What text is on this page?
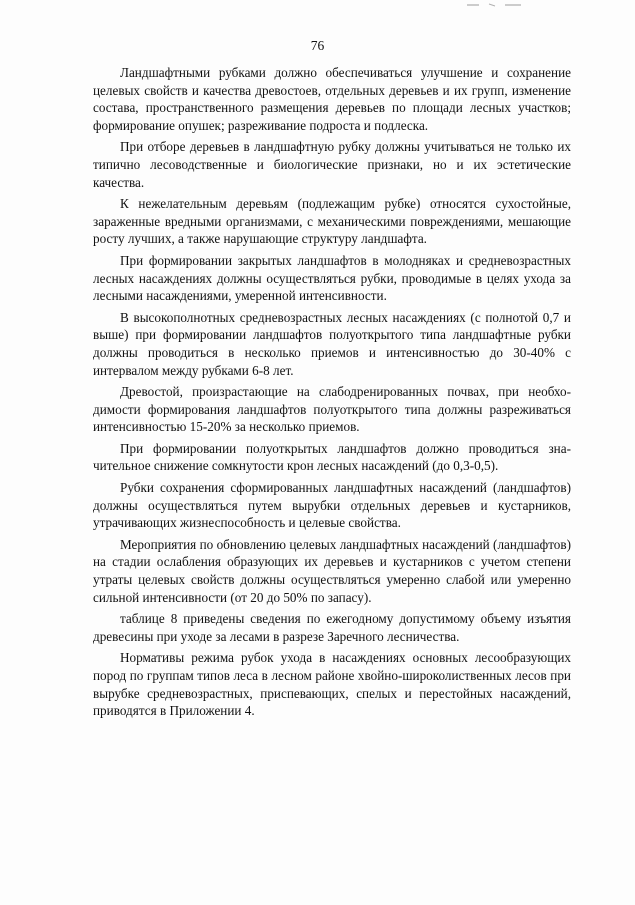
76

Ландшафтными рубками должно обеспечиваться улучшение и сохранение целевых свойств и качества древостоев, отдельных деревьев и их групп, изменение состава, пространственного размещения деревьев по площади лесных участков; формирование опушек; разреживание подроста и подлеска.

При отборе деревьев в ландшафтную рубку должны учитываться не только их типично лесоводственные и биологические признаки, но и их эстетические качества.

К нежелательным деревьям (подлежащим рубке) относятся сухостойные, зараженные вредными организмами, с механическими повреждениями, мешающие росту лучших, а также нарушающие структуру ландшафта.

При формировании закрытых ландшафтов в молодняках и средневозрастных лесных насаждениях должны осуществляться рубки, проводимые в целях ухода за лесными насаждениями, умеренной интенсивности.

В высокополнотных средневозрастных лесных насаждениях (с полнотой 0,7 и выше) при формировании ландшафтов полуоткрытого типа ландшафтные рубки должны проводиться в несколько приемов и интенсивностью до 30-40% с интервалом между рубками 6-8 лет.

Древостой, произрастающие на слабодренированных почвах, при необходимости формирования ландшафтов полуоткрытого типа должны разреживаться интенсивностью 15-20% за несколько приемов.

При формировании полуоткрытых ландшафтов должно проводиться значительное снижение сомкнутости крон лесных насаждений (до 0,3-0,5).

Рубки сохранения сформированных ландшафтных насаждений (ландшафтов) должны осуществляться путем вырубки отдельных деревьев и кустарников, утрачивающих жизнеспособность и целевые свойства.

Мероприятия по обновлению целевых ландшафтных насаждений (ландшафтов) на стадии ослабления образующих их деревьев и кустарников с учетом степени утраты целевых свойств должны осуществляться умеренно слабой или умеренно сильной интенсивности (от 20 до 50% по запасу).

таблице 8 приведены сведения по ежегодному допустимому объему изъятия древесины при уходе за лесами в разрезе Заречного лесничества.

Нормативы режима рубок ухода в насаждениях основных лесообразующих пород по группам типов леса в лесном районе хвойно-широколиственных лесов при вырубке средневозрастных, приспевающих, спелых и перестойных насаждений, приводятся в Приложении 4.
